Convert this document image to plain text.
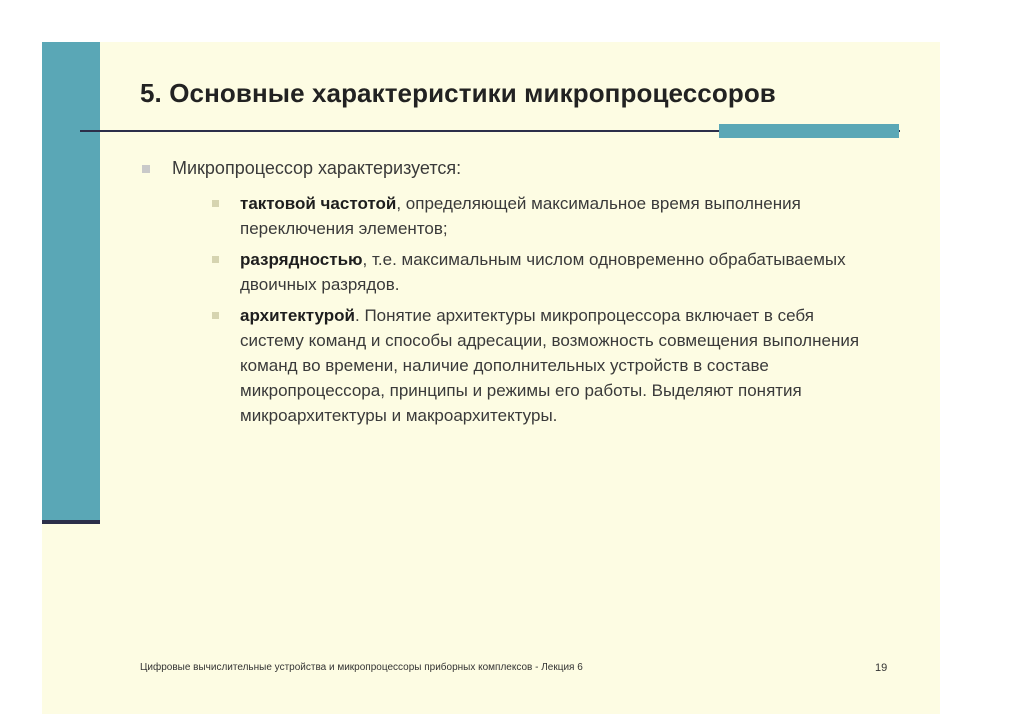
5. Основные характеристики микропроцессоров
Микропроцессор характеризуется:
тактовой частотой, определяющей максимальное время выполнения переключения элементов;
разрядностью, т.е. максимальным числом одновременно обрабатываемых двоичных разрядов.
архитектурой. Понятие архитектуры микропроцессора включает в себя систему команд и способы адресации, возможность совмещения выполнения команд во времени, наличие дополнительных устройств в составе микропроцессора, принципы и режимы его работы. Выделяют понятия микроархитектуры и макроархитектуры.
Цифровые вычислительные устройства и микропроцессоры приборных комплексов - Лекция 6	19
